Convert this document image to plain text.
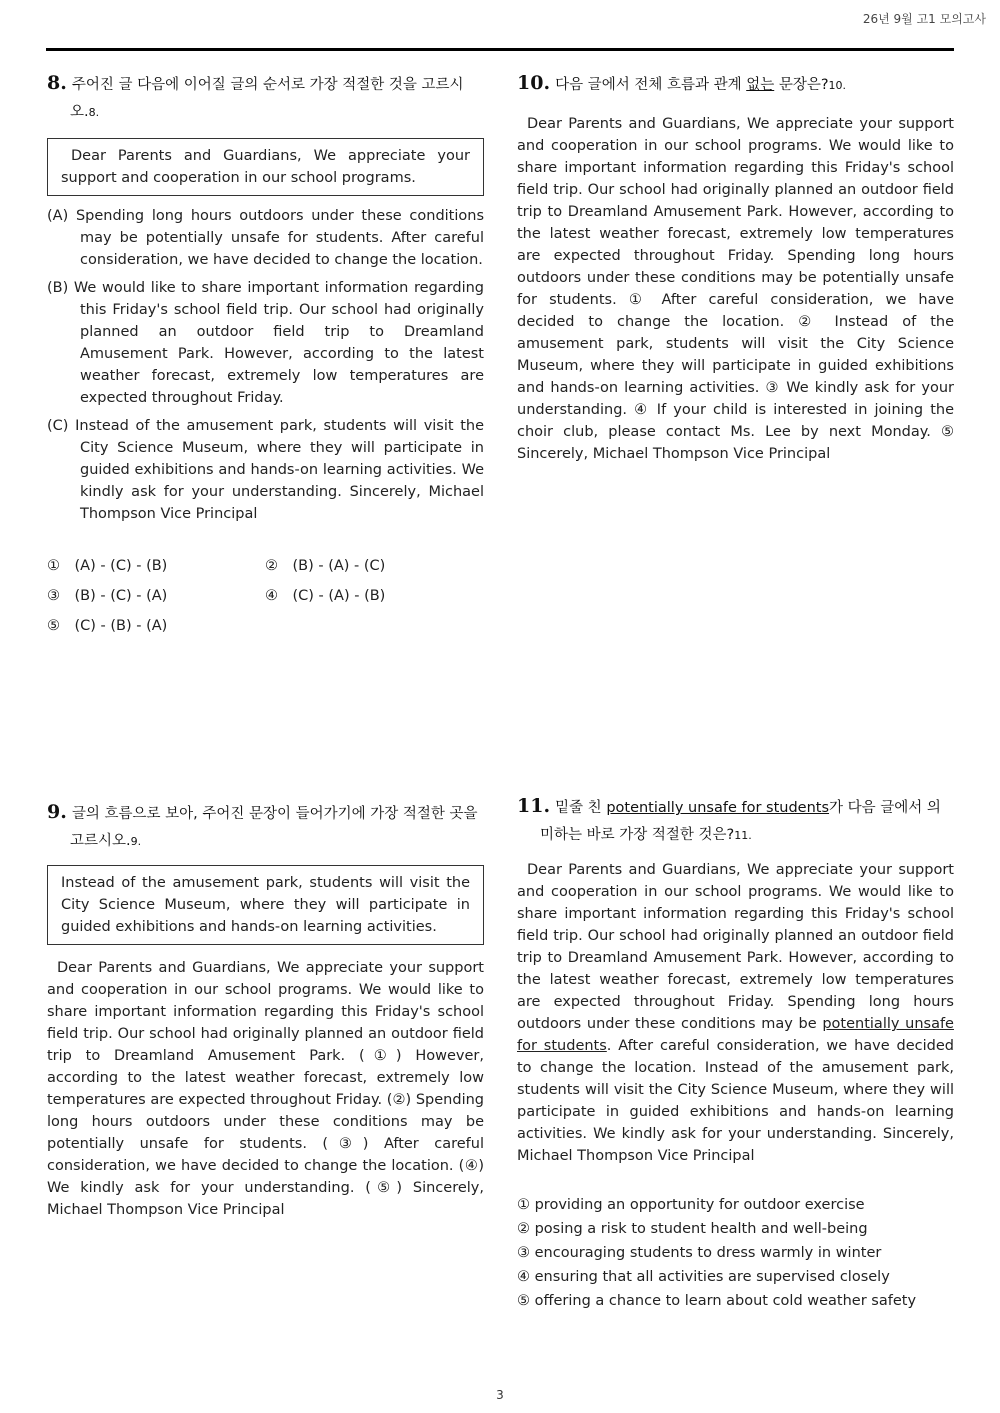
26년 9월 고1 모의고사

8. 주어진 글 다음에 이어질 글의 순서로 가장 적절한 것을 고르시오.8.

Dear Parents and Guardians, We appreciate your support and cooperation in our school programs.

(A) Spending long hours outdoors under these conditions may be potentially unsafe for students. After careful consideration, we have decided to change the location.

(B) We would like to share important information regarding this Friday's school field trip. Our school had originally planned an outdoor field trip to Dreamland Amusement Park. However, according to the latest weather forecast, extremely low temperatures are expected throughout Friday.

(C) Instead of the amusement park, students will visit the City Science Museum, where they will participate in guided exhibitions and hands-on learning activities. We kindly ask for your understanding. Sincerely, Michael Thompson Vice Principal

①　(A) - (C) - (B)	②　(B) - (A) - (C)
③　(B) - (C) - (A)	④　(C) - (A) - (B)
⑤　(C) - (B) - (A)

9. 글의 흐름으로 보아, 주어진 문장이 들어가기에 가장 적절한 곳을 고르시오.9.

Instead of the amusement park, students will visit the City Science Museum, where they will participate in guided exhibitions and hands-on learning activities.

Dear Parents and Guardians, We appreciate your support and cooperation in our school programs. We would like to share important information regarding this Friday's school field trip. Our school had originally planned an outdoor field trip to Dreamland Amusement Park. (①) However, according to the latest weather forecast, extremely low temperatures are expected throughout Friday. (②) Spending long hours outdoors under these conditions may be potentially unsafe for students. (③) After careful consideration, we have decided to change the location. (④) We kindly ask for your understanding. (⑤) Sincerely, Michael Thompson Vice Principal

10. 다음 글에서 전체 흐름과 관계 없는 문장은?10.

Dear Parents and Guardians, We appreciate your support and cooperation in our school programs. We would like to share important information regarding this Friday's school field trip. Our school had originally planned an outdoor field trip to Dreamland Amusement Park. However, according to the latest weather forecast, extremely low temperatures are expected throughout Friday. Spending long hours outdoors under these conditions may be potentially unsafe for students. ① After careful consideration, we have decided to change the location. ② Instead of the amusement park, students will visit the City Science Museum, where they will participate in guided exhibitions and hands-on learning activities. ③ We kindly ask for your understanding. ④ If your child is interested in joining the choir club, please contact Ms. Lee by next Monday. ⑤ Sincerely, Michael Thompson Vice Principal

11. 밑줄 친 potentially unsafe for students가 다음 글에서 의미하는 바로 가장 적절한 것은?11.

Dear Parents and Guardians, We appreciate your support and cooperation in our school programs. We would like to share important information regarding this Friday's school field trip. Our school had originally planned an outdoor field trip to Dreamland Amusement Park. However, according to the latest weather forecast, extremely low temperatures are expected throughout Friday. Spending long hours outdoors under these conditions may be potentially unsafe for students. After careful consideration, we have decided to change the location. Instead of the amusement park, students will visit the City Science Museum, where they will participate in guided exhibitions and hands-on learning activities. We kindly ask for your understanding. Sincerely, Michael Thompson Vice Principal

① providing an opportunity for outdoor exercise
② posing a risk to student health and well-being
③ encouraging students to dress warmly in winter
④ ensuring that all activities are supervised closely
⑤ offering a chance to learn about cold weather safety
3
